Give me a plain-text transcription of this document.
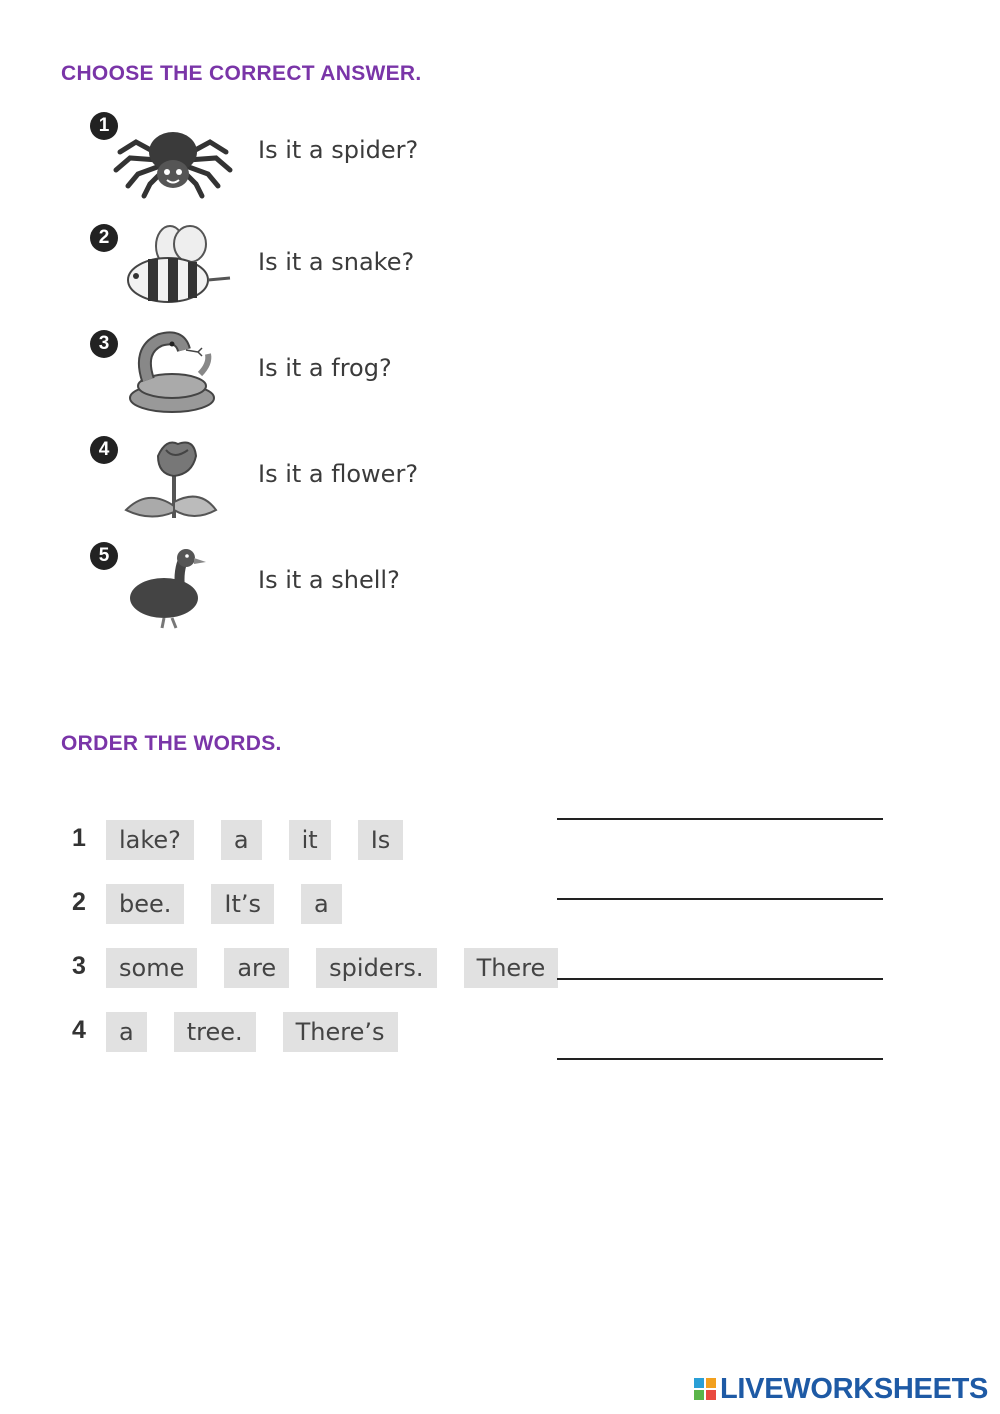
CHOOSE THE CORRECT ANSWER.
1
Is it a spider?
2
Is it a snake?
3
Is it a frog?
4
Is it a flower?
5
Is it a shell?
ORDER THE WORDS.
1	lake?	a	it	Is
2	bee.	It’s	a
3	some	are	spiders.	There
4	a	tree.	There’s
LIVEWORKSHEETS
